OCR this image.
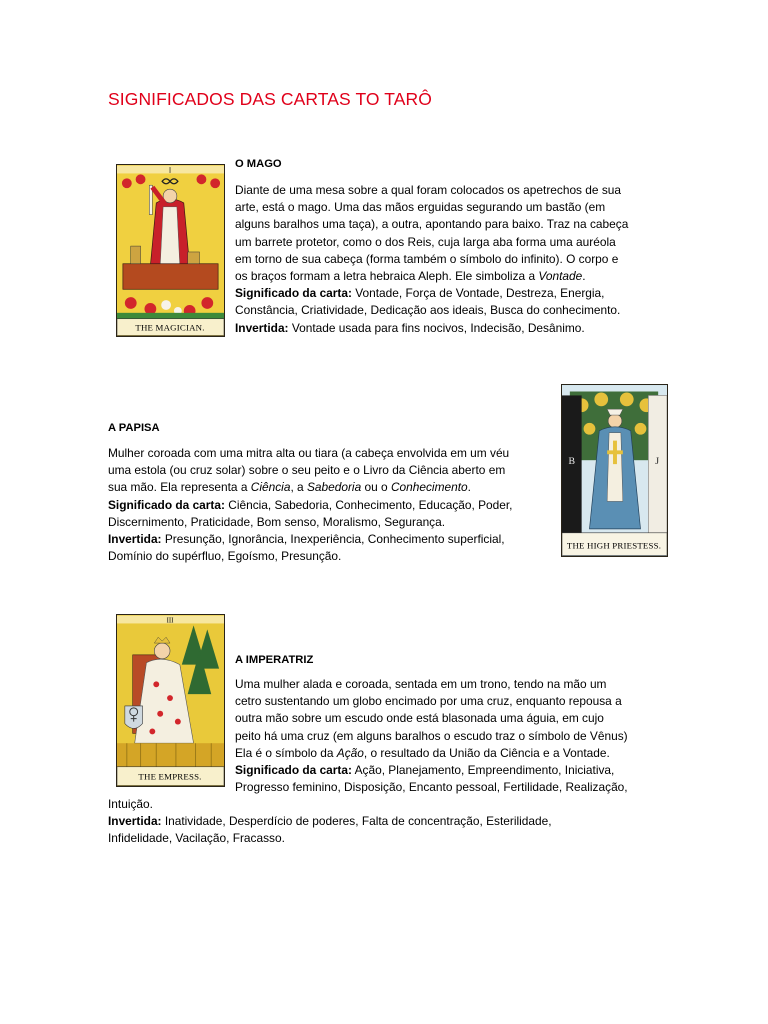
SIGNIFICADOS DAS CARTAS TO TARÔ
I
THE MAGICIAN.
O MAGO

Diante de uma mesa sobre a qual foram colocados os apetrechos de sua
arte, está o mago. Uma das mãos erguidas segurando um bastão (em
alguns baralhos uma taça), a outra, apontando para baixo. Traz na cabeça
um barrete protetor, como o dos Reis, cuja larga aba forma uma auréola
em torno de sua cabeça (forma também o símbolo do infinito). O corpo e
os braços formam a letra hebraica Aleph. Ele simboliza a Vontade.
Significado da carta: Vontade, Força de Vontade, Destreza, Energia,
Constância, Criatividade, Dedicação aos ideais, Busca do conhecimento.
Invertida: Vontade usada para fins nocivos, Indecisão, Desânimo.

A PAPISA

Mulher coroada com uma mitra alta ou tiara (a cabeça envolvida em um véu
uma estola (ou cruz solar) sobre o seu peito e o Livro da Ciência aberto em
sua mão. Ela representa a Ciência, a Sabedoria ou o Conhecimento.
Significado da carta: Ciência, Sabedoria, Conhecimento, Educação, Poder,
Discernimento, Praticidade, Bom senso, Moralismo, Segurança.
Invertida: Presunção, Ignorância, Inexperiência, Conhecimento superficial,
Domínio do supérfluo, Egoísmo, Presunção.

B	J
THE HIGH PRIESTESS.
III
THE EMPRESS.
A IMPERATRIZ

Uma mulher alada e coroada, sentada em um trono, tendo na mão um
cetro sustentando um globo encimado por uma cruz, enquanto repousa a
outra mão sobre um escudo onde está blasonada uma águia, em cujo
peito há uma cruz (em alguns baralhos o escudo traz o símbolo de Vênus)
Ela é o símbolo da Ação, o resultado da União da Ciência e a Vontade.
Significado da carta: Ação, Planejamento, Empreendimento, Iniciativa,
Progresso feminino, Disposição, Encanto pessoal, Fertilidade, Realização,

Intuição.
Invertida: Inatividade, Desperdício de poderes, Falta de concentração, Esterilidade,
Infidelidade, Vacilação, Fracasso.
